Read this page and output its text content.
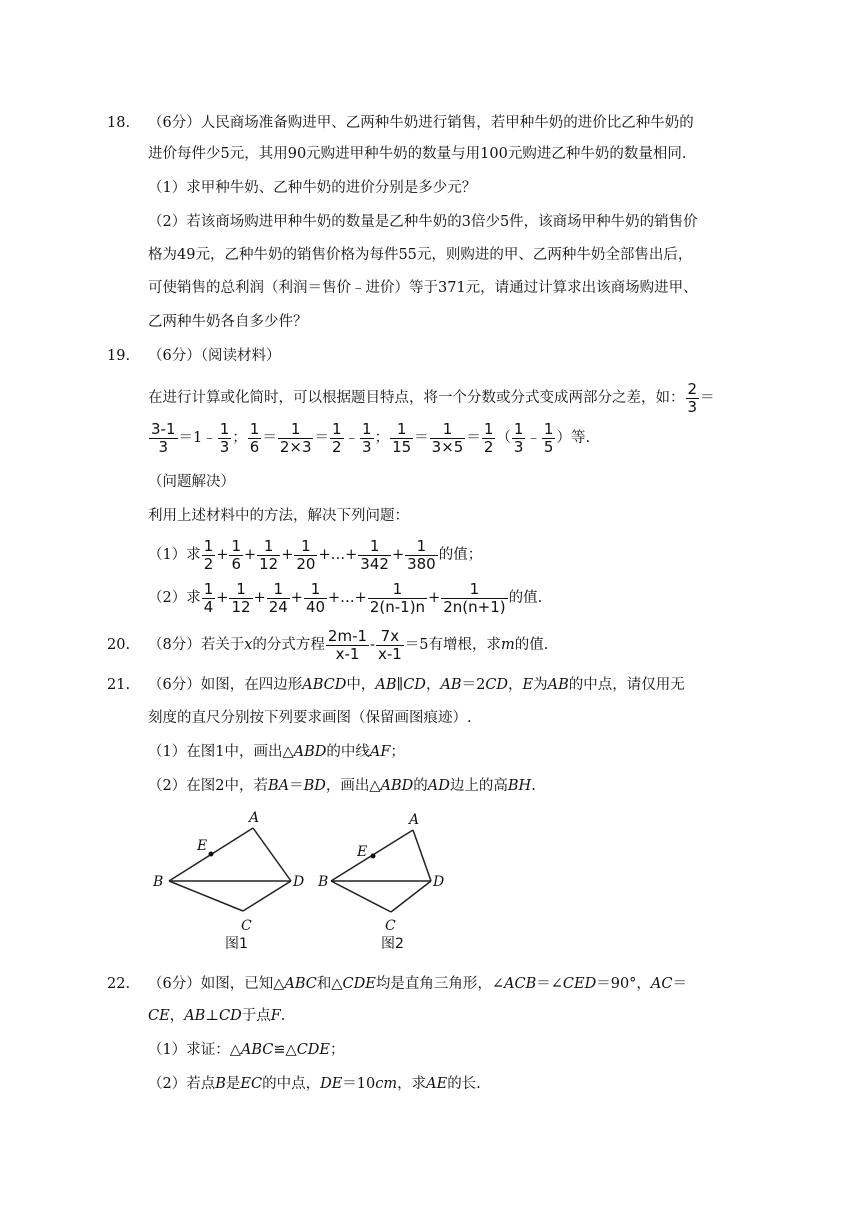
18. （6分）人民商场准备购进甲、乙两种牛奶进行销售，若甲种牛奶的进价比乙种牛奶的
进价每件少5元，其用90元购进甲种牛奶的数量与用100元购进乙种牛奶的数量相同.
（1）求甲种牛奶、乙种牛奶的进价分别是多少元？
（2）若该商场购进甲种牛奶的数量是乙种牛奶的3倍少5件，该商场甲种牛奶的销售价
格为49元，乙种牛奶的销售价格为每件55元，则购进的甲、乙两种牛奶全部售出后，
可使销售的总利润（利润＝售价﹣进价）等于371元，请通过计算求出该商场购进甲、
乙两种牛奶各自多少件？
19. （6分）（阅读材料）
在进行计算或化简时，可以根据题目特点，将一个分数或分式变成两部分之差，如： $\frac{2}{3}$ ＝
$\frac{3-1}{3}$ ＝1﹣ $\frac{1}{3}$ ； $\frac{1}{6} = \frac{1}{2\times 3} = \frac{1}{2}$ ﹣ $\frac{1}{3}$ ； $\frac{1}{15} = \frac{1}{3\times 5} = \frac{1}{2}$ （ $\frac{1}{3}$ ﹣ $\frac{1}{5}$ ）等.
（问题解决）
利用上述材料中的方法，解决下列问题：
（1）求 $\frac{1}{2} + \frac{1}{6} + \frac{1}{12} + \frac{1}{20}$ +…+ $\frac{1}{342} + \frac{1}{380}$ 的值；
（2）求 $\frac{1}{4} + \frac{1}{12} + \frac{1}{24} + \frac{1}{40}$ +…+ $\frac{1}{2(n-1)n} + \frac{1}{2n(n+1)}$ 的值.
20. （8分）若关于x的分式方程 $\frac{2m-1}{x-1} - \frac{7x}{x-1} =5$有增根，求m的值.
21. （6分）如图，在四边形ABCD中，AB∥CD，AB＝2CD，E为AB的中点，请仅用无
刻度的直尺分别按下列要求画图（保留画图痕迹）.
（1）在图1中，画出△ABD的中线AF；
（2）在图2中，若BA＝BD，画出△ABD的AD边上的高BH.
A
B	D
C
E
图1
A
B	D
C
E
图2
22. （6分）如图，已知△ABC和△CDE均是直角三角形，∠ACB＝∠CED＝90°，AC＝
CE，AB⊥CD于点F.
（1）求证：△ABC≌△CDE；
（2）若点B是EC的中点，DE＝10cm，求AE的长.
